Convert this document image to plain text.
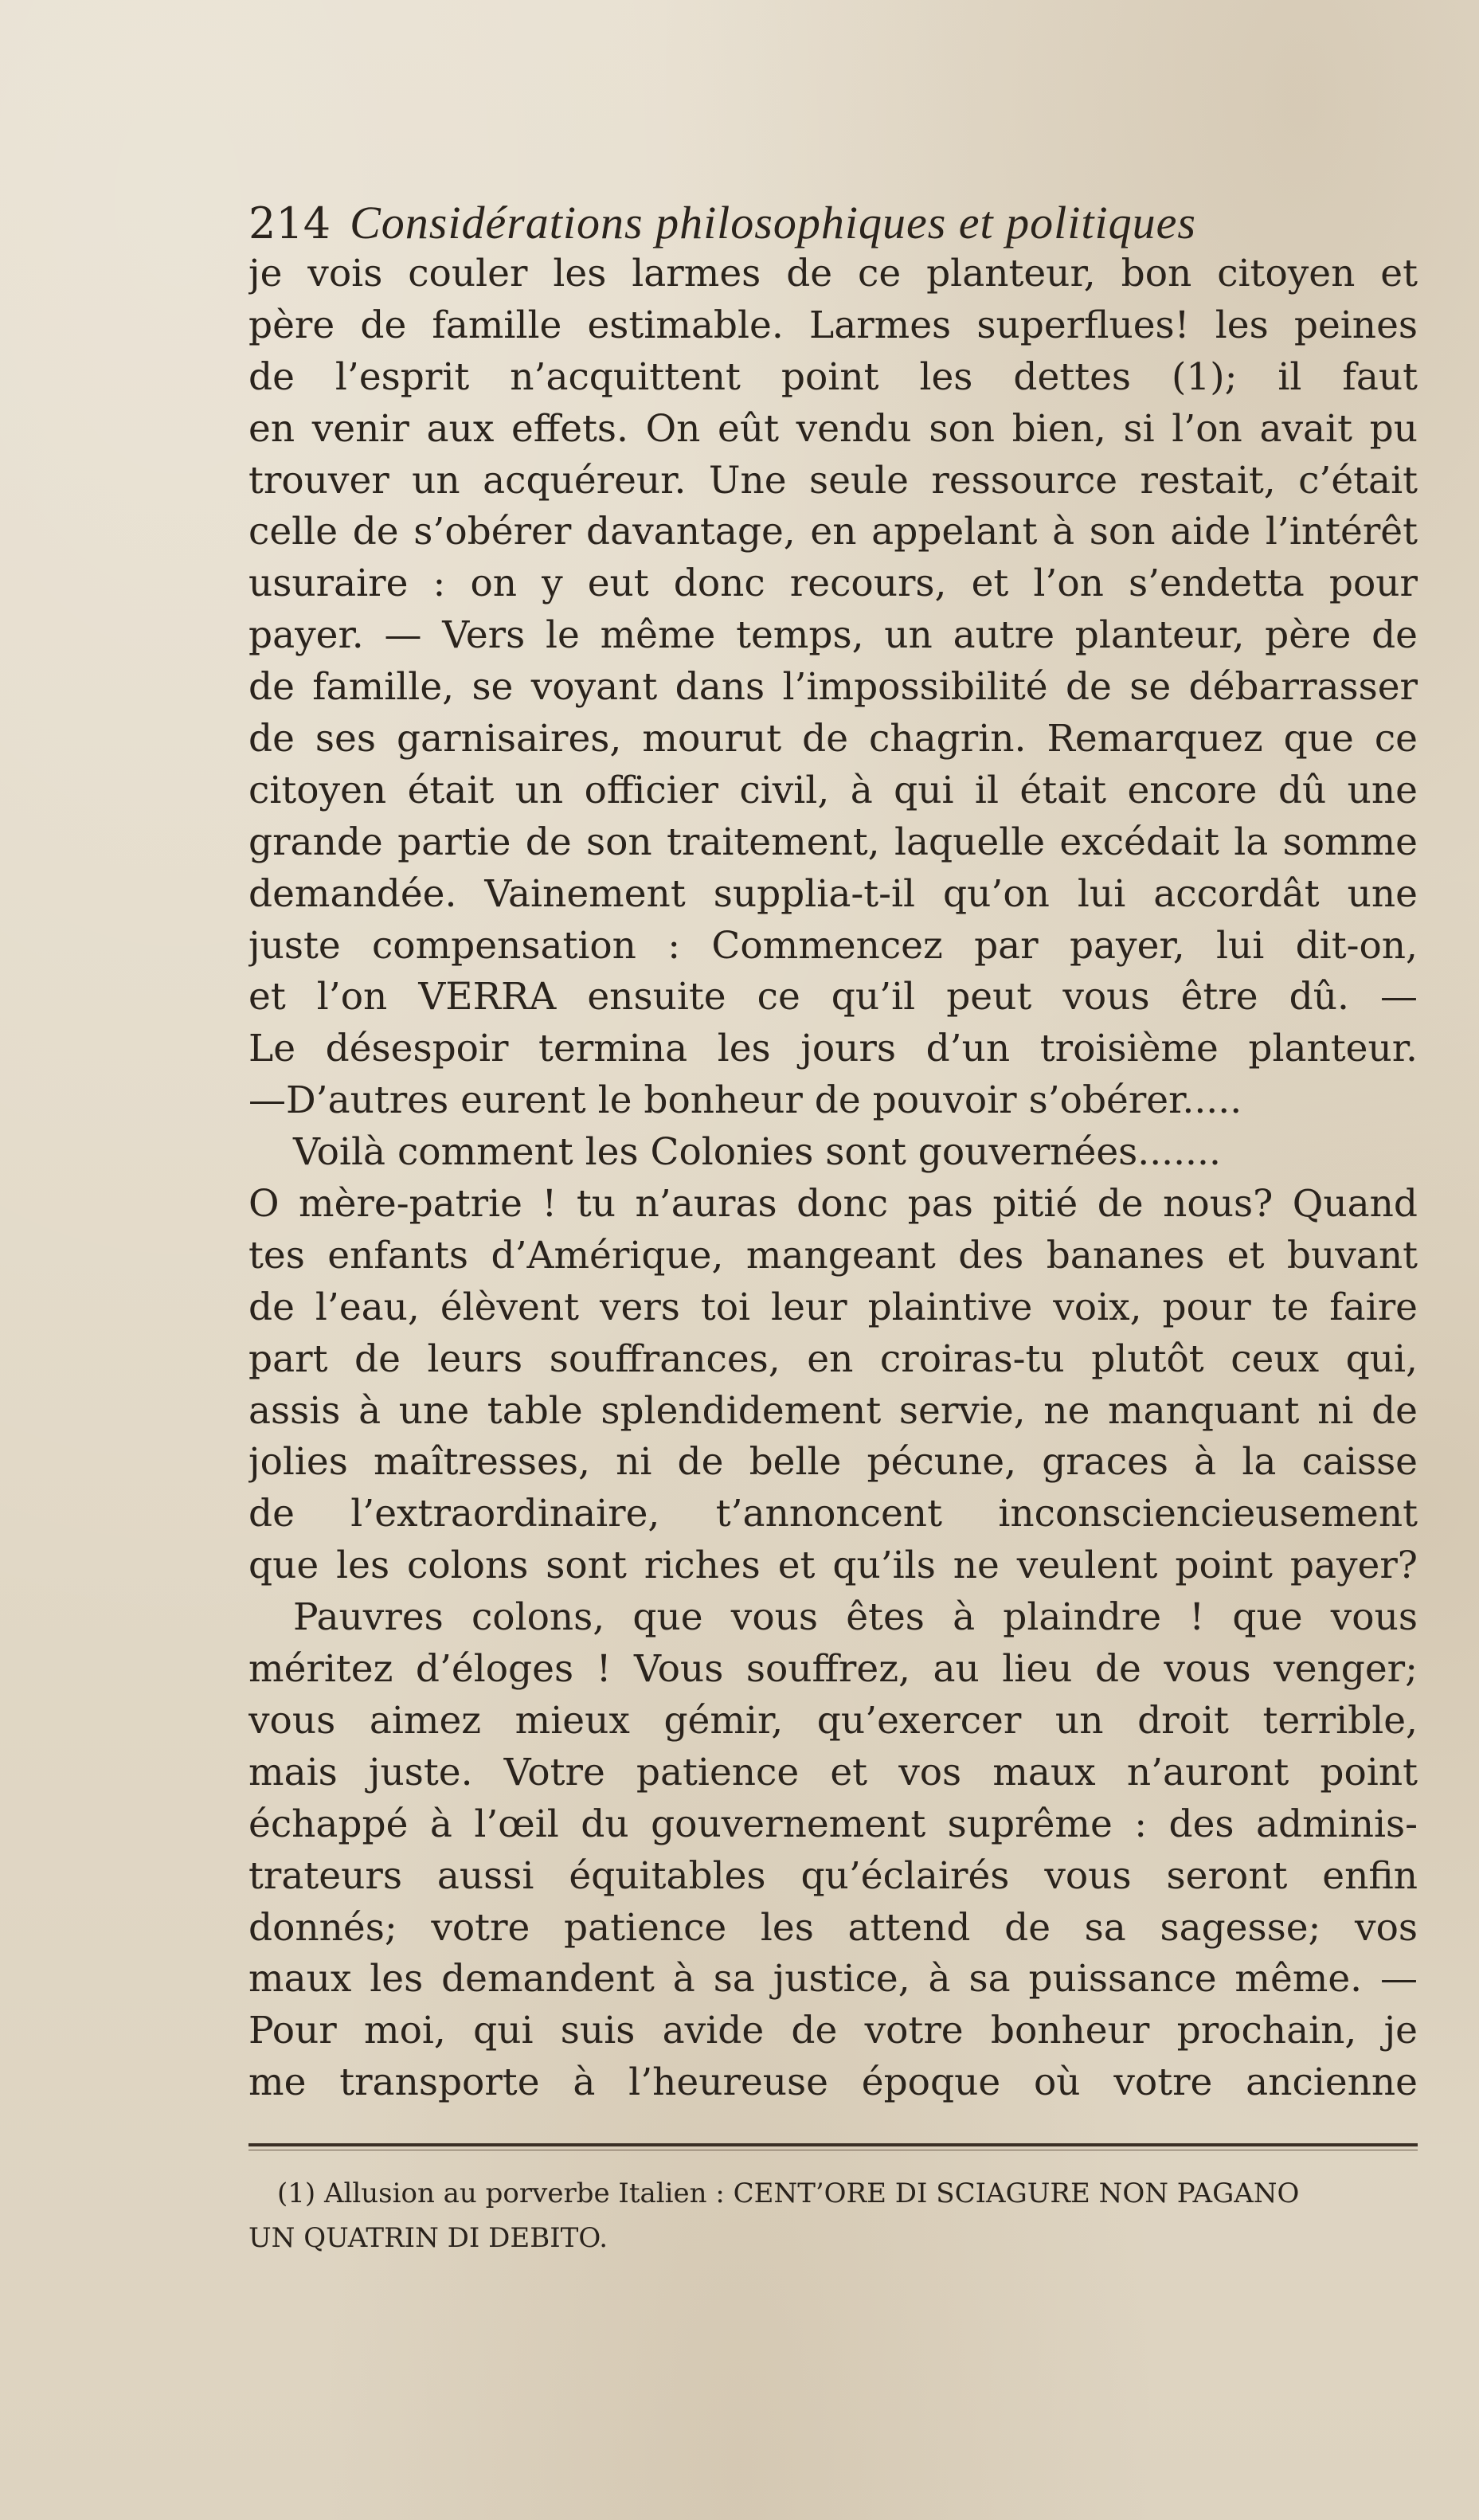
214 Considérations philosophiques et politiques
je vois couler les larmes de ce planteur, bon citoyen et
père de famille estimable. Larmes superflues! les peines
de l’esprit n’acquittent point les dettes (1); il faut
en venir aux effets. On eût vendu son bien, si l’on avait pu
trouver un acquéreur. Une seule ressource restait, c’était
celle de s’obérer davantage, en appelant à son aide l’intérêt
usuraire : on y eut donc recours, et l’on s’endetta pour
payer. — Vers le même temps, un autre planteur, père de
de famille, se voyant dans l’impossibilité de se débarrasser
de ses garnisaires, mourut de chagrin. Remarquez que ce
citoyen était un officier civil, à qui il était encore dû une
grande partie de son traitement, laquelle excédait la somme
demandée. Vainement supplia-t-il qu’on lui accordât une
juste compensation : Commencez par payer, lui dit-on,
et l’on VERRA ensuite ce qu’il peut vous être dû. —
Le désespoir termina les jours d’un troisième planteur.
—D’autres eurent le bonheur de pouvoir s’obérer.....
Voilà comment les Colonies sont gouvernées.......
O mère-patrie ! tu n’auras donc pas pitié de nous? Quand
tes enfants d’Amérique, mangeant des bananes et buvant
de l’eau, élèvent vers toi leur plaintive voix, pour te faire
part de leurs souffrances, en croiras-tu plutôt ceux qui,
assis à une table splendidement servie, ne manquant ni de
jolies maîtresses, ni de belle pécune, graces à la caisse
de l’extraordinaire, t’annoncent inconsciencieusement
que les colons sont riches et qu’ils ne veulent point payer?
Pauvres colons, que vous êtes à plaindre ! que vous
méritez d’éloges ! Vous souffrez, au lieu de vous venger;
vous aimez mieux gémir, qu’exercer un droit terrible,
mais juste. Votre patience et vos maux n’auront point
échappé à l’œil du gouvernement suprême : des adminis-
trateurs aussi équitables qu’éclairés vous seront enfin
donnés; votre patience les attend de sa sagesse; vos
maux les demandent à sa justice, à sa puissance même. —
Pour moi, qui suis avide de votre bonheur prochain, je
me transporte à l’heureuse époque où votre ancienne
(1) Allusion au porverbe Italien : CENT’ORE DI SCIAGURE NON PAGANO
UN QUATRIN DI DEBITO.
